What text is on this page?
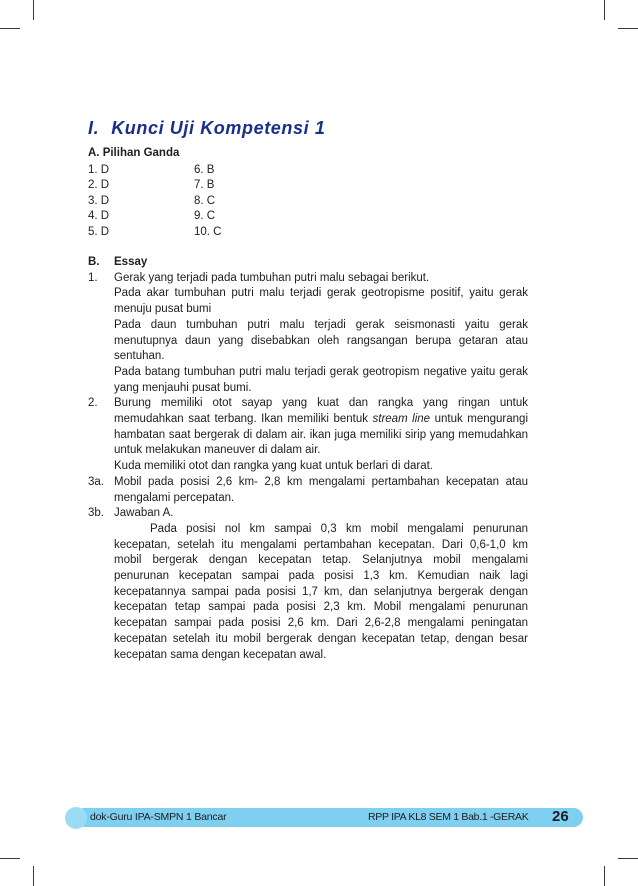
I. Kunci Uji Kompetensi 1
A. Pilihan Ganda
1. D	6. B
2. D	7. B
3. D	8. C
4. D	9. C
5. D	10. C
B.	Essay
1.	Gerak yang terjadi pada tumbuhan putri malu sebagai berikut.

Pada akar tumbuhan putri malu terjadi gerak geotropisme positif, yaitu gerak menuju pusat bumi

Pada daun tumbuhan putri malu terjadi gerak seismonasti yaitu gerak menutupnya daun yang disebabkan oleh rangsangan berupa getaran atau sentuhan.

Pada batang tumbuhan putri malu terjadi gerak geotropism negative yaitu gerak yang menjauhi pusat bumi.

2.	Burung memiliki otot sayap yang kuat dan rangka yang ringan untuk memudahkan saat terbang. Ikan memiliki bentuk stream line untuk mengurangi hambatan saat bergerak di dalam air. ikan juga memiliki sirip yang memudahkan untuk melakukan maneuver di dalam air.

Kuda memiliki otot dan rangka yang kuat untuk berlari di darat.

3a. Mobil pada posisi 2,6 km- 2,8 km mengalami pertambahan kecepatan atau mengalami percepatan.

3b. Jawaban A.

Pada posisi nol km sampai 0,3 km mobil mengalami penurunan kecepatan, setelah itu mengalami pertambahan kecepatan. Dari 0,6-1,0 km mobil bergerak dengan kecepatan tetap. Selanjutnya mobil mengalami penurunan kecepatan sampai pada posisi 1,3 km. Kemudian naik lagi kecepatannya sampai pada posisi 1,7 km, dan selanjutnya bergerak dengan kecepatan tetap sampai pada posisi 2,3 km. Mobil mengalami penurunan kecepatan sampai pada posisi 2,6 km. Dari 2,6-2,8 mengalami peningatan kecepatan setelah itu mobil bergerak dengan kecepatan tetap, dengan besar kecepatan sama dengan kecepatan awal.

dok-Guru IPA-SMPN 1 Bancar	RPP IPA KL8 SEM 1 Bab.1 -GERAK 26
